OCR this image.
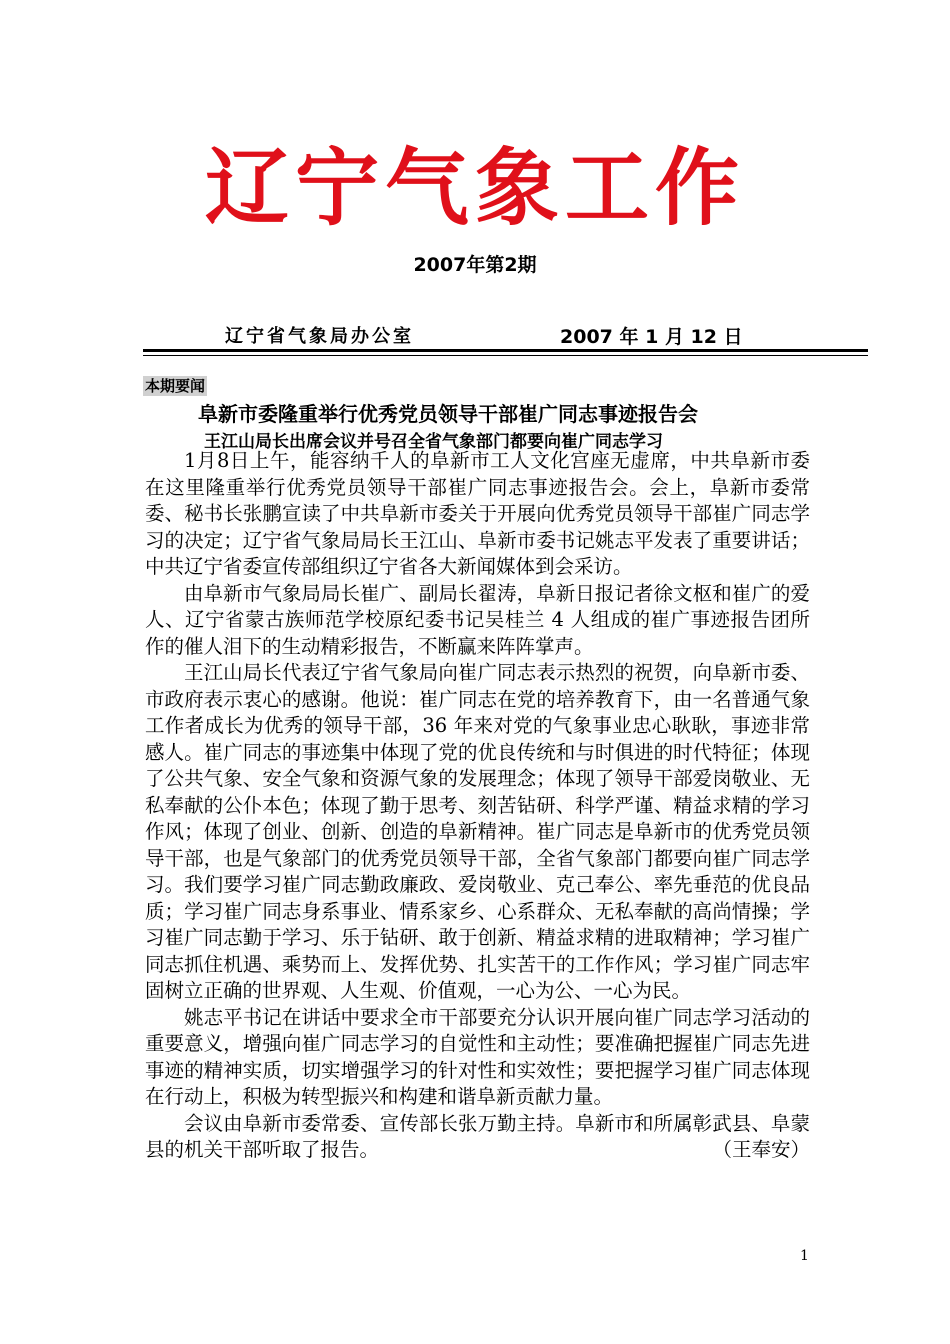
辽宁气象工作
2007年第2期
辽宁省气象局办公室	2007 年 1 月 12 日
本期要闻
阜新市委隆重举行优秀党员领导干部崔广同志事迹报告会
王江山局长出席会议并号召全省气象部门都要向崔广同志学习

1月8日上午，能容纳千人的阜新市工人文化宫座无虚席，中共阜新市委在这里隆重举行优秀党员领导干部崔广同志事迹报告会。会上，阜新市委常委、秘书长张鹏宣读了中共阜新市委关于开展向优秀党员领导干部崔广同志学习的决定；辽宁省气象局局长王江山、阜新市委书记姚志平发表了重要讲话；中共辽宁省委宣传部组织辽宁省各大新闻媒体到会采访。

由阜新市气象局局长崔广、副局长翟涛，阜新日报记者徐文枢和崔广的爱人、辽宁省蒙古族师范学校原纪委书记吴桂兰 4 人组成的崔广事迹报告团所作的催人泪下的生动精彩报告，不断赢来阵阵掌声。

王江山局长代表辽宁省气象局向崔广同志表示热烈的祝贺，向阜新市委、市政府表示衷心的感谢。他说：崔广同志在党的培养教育下，由一名普通气象工作者成长为优秀的领导干部，36 年来对党的气象事业忠心耿耿，事迹非常感人。崔广同志的事迹集中体现了党的优良传统和与时俱进的时代特征；体现了公共气象、安全气象和资源气象的发展理念；体现了领导干部爱岗敬业、无私奉献的公仆本色；体现了勤于思考、刻苦钻研、科学严谨、精益求精的学习作风；体现了创业、创新、创造的阜新精神。崔广同志是阜新市的优秀党员领导干部，也是气象部门的优秀党员领导干部，全省气象部门都要向崔广同志学习。我们要学习崔广同志勤政廉政、爱岗敬业、克己奉公、率先垂范的优良品质；学习崔广同志身系事业、情系家乡、心系群众、无私奉献的高尚情操；学习崔广同志勤于学习、乐于钻研、敢于创新、精益求精的进取精神；学习崔广同志抓住机遇、乘势而上、发挥优势、扎实苦干的工作作风；学习崔广同志牢固树立正确的世界观、人生观、价值观，一心为公、一心为民。

姚志平书记在讲话中要求全市干部要充分认识开展向崔广同志学习活动的重要意义，增强向崔广同志学习的自觉性和主动性；要准确把握崔广同志先进事迹的精神实质，切实增强学习的针对性和实效性；要把握学习崔广同志体现在行动上，积极为转型振兴和构建和谐阜新贡献力量。

会议由阜新市委常委、宣传部长张万勤主持。阜新市和所属彰武县、阜蒙县的机关干部听取了报告。	（王奉安）

1
